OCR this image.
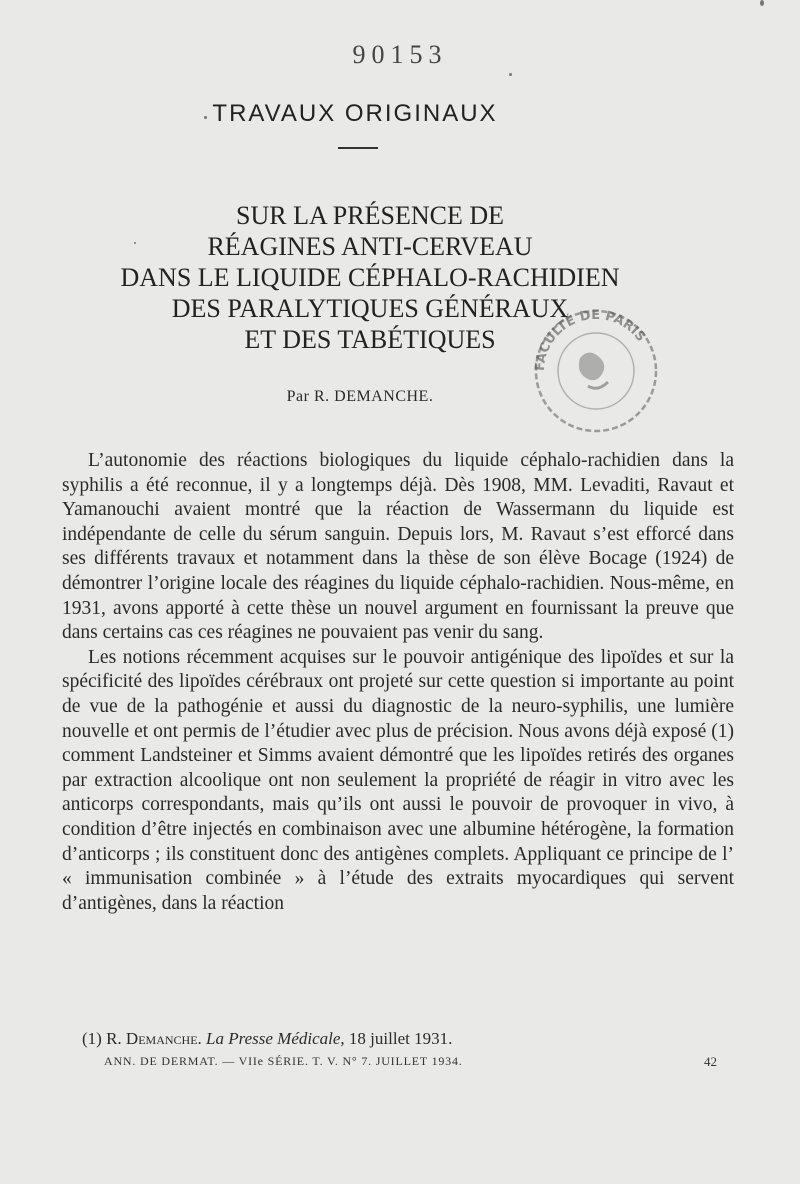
90153
TRAVAUX ORIGINAUX
SUR LA PRÉSENCE DE
RÉAGINES ANTI-CERVEAU
DANS LE LIQUIDE CÉPHALO-RACHIDIEN
DES PARALYTIQUES GÉNÉRAUX
ET DES TABÉTIQUES
Par R. DEMANCHE.
FACULTÉ DE PARIS

L’autonomie des réactions biologiques du liquide céphalo-rachidien dans la syphilis a été reconnue, il y a longtemps déjà. Dès 1908, MM. Levaditi, Ravaut et Yamanouchi avaient montré que la réaction de Wassermann du liquide est indépendante de celle du sérum sanguin. Depuis lors, M. Ravaut s’est efforcé dans ses différents travaux et notamment dans la thèse de son élève Bocage (1924) de démontrer l’origine locale des réagines du liquide céphalo-rachidien. Nous-même, en 1931, avons apporté à cette thèse un nouvel argument en fournissant la preuve que dans certains cas ces réagines ne pouvaient pas venir du sang.

Les notions récemment acquises sur le pouvoir antigénique des lipoïdes et sur la spécificité des lipoïdes cérébraux ont projeté sur cette question si importante au point de vue de la pathogénie et aussi du diagnostic de la neuro-syphilis, une lumière nouvelle et ont permis de l’étudier avec plus de précision. Nous avons déjà exposé (1) comment Landsteiner et Simms avaient démontré que les lipoïdes retirés des organes par extraction alcoolique ont non seulement la propriété de réagir in vitro avec les anticorps correspondants, mais qu’ils ont aussi le pouvoir de provoquer in vivo, à condition d’être injectés en combinaison avec une albumine hétérogène, la formation d’anticorps ; ils constituent donc des antigènes complets. Appliquant ce principe de l’ « immunisation combinée » à l’étude des extraits myocardiques qui servent d’antigènes, dans la réaction

(1) R. Demanche. La Presse Médicale, 18 juillet 1931.
ANN. DE DERMAT. — VIIe SÉRIE. T. V. N° 7. JUILLET 1934.	42
